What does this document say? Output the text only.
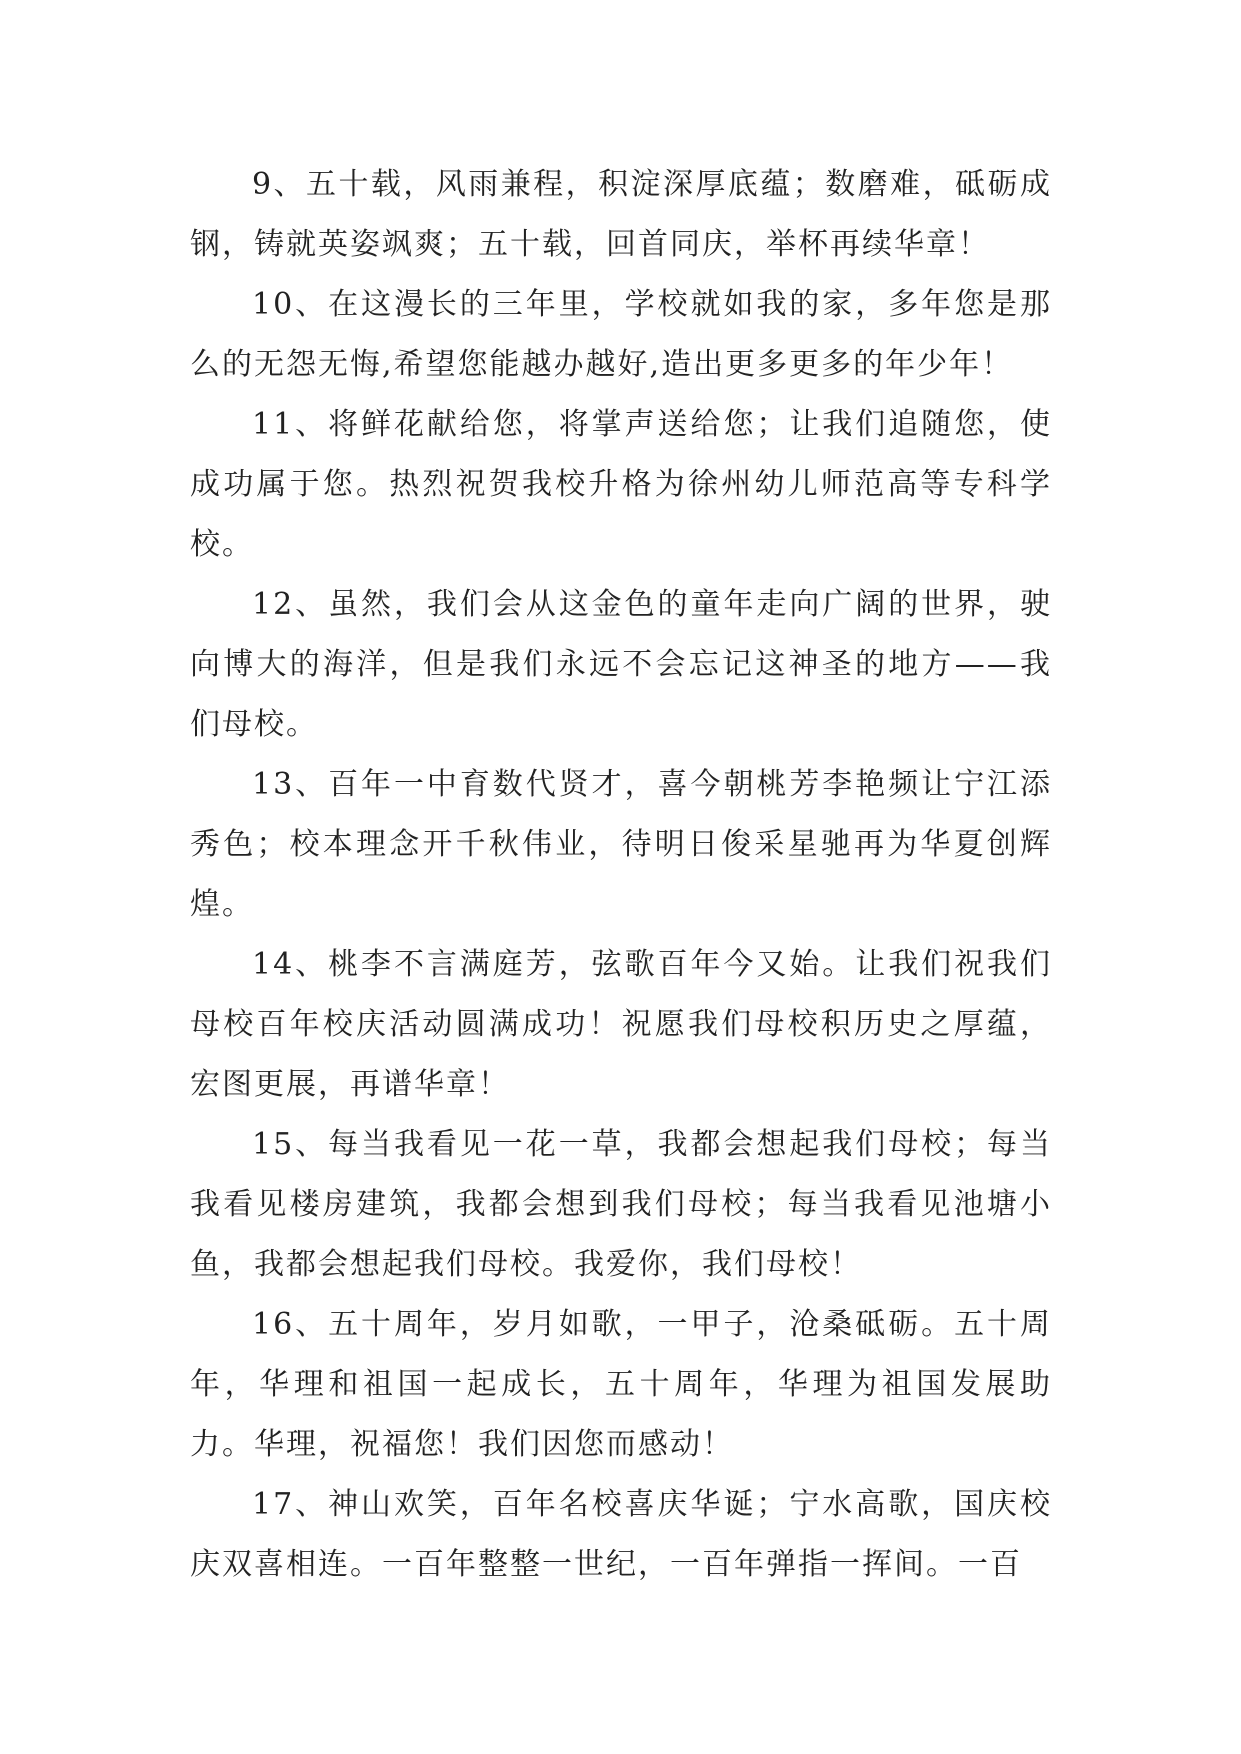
9、五十载，风雨兼程，积淀深厚底蕴；数磨难，砥砺成钢，铸就英姿飒爽；五十载，回首同庆，举杯再续华章！

10、在这漫长的三年里，学校就如我的家，多年您是那么的无怨无悔,希望您能越办越好,造出更多更多的年少年！

11、将鲜花献给您，将掌声送给您；让我们追随您，使成功属于您。热烈祝贺我校升格为徐州幼儿师范高等专科学校。

12、虽然，我们会从这金色的童年走向广阔的世界，驶向博大的海洋，但是我们永远不会忘记这神圣的地方——我们母校。

13、百年一中育数代贤才，喜今朝桃芳李艳频让宁江添秀色；校本理念开千秋伟业，待明日俊采星驰再为华夏创辉煌。

14、桃李不言满庭芳，弦歌百年今又始。让我们祝我们母校百年校庆活动圆满成功！祝愿我们母校积历史之厚蕴，宏图更展，再谱华章！

15、每当我看见一花一草，我都会想起我们母校；每当我看见楼房建筑，我都会想到我们母校；每当我看见池塘小鱼，我都会想起我们母校。我爱你，我们母校！

16、五十周年，岁月如歌，一甲子，沧桑砥砺。五十周年，华理和祖国一起成长，五十周年，华理为祖国发展助力。华理，祝福您！我们因您而感动！

17、神山欢笑，百年名校喜庆华诞；宁水高歌，国庆校庆双喜相连。一百年整整一世纪，一百年弹指一挥间。一百
